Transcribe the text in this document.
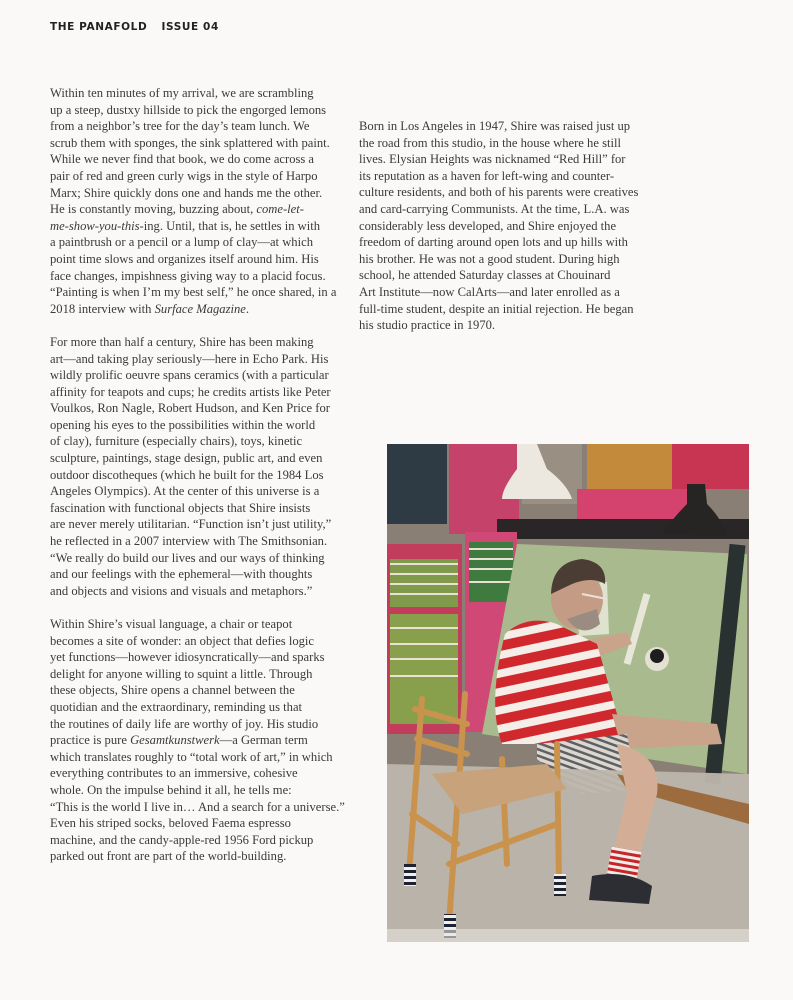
THE PANAFOLD ISSUE 04

Within ten minutes of my arrival, we are scrambling
up a steep, dustxy hillside to pick the engorged lemons
from a neighbor’s tree for the day’s team lunch. We
scrub them with sponges, the sink splattered with paint.
While we never find that book, we do come across a
pair of red and green curly wigs in the style of Harpo
Marx; Shire quickly dons one and hands me the other.
He is constantly moving, buzzing about, come-let-
me-show-you-this-ing. Until, that is, he settles in with
a paintbrush or a pencil or a lump of clay—at which
point time slows and organizes itself around him. His
face changes, impishness giving way to a placid focus.
“Painting is when I’m my best self,” he once shared, in a
2018 interview with Surface Magazine.

For more than half a century, Shire has been making
art—and taking play seriously—here in Echo Park. His
wildly prolific oeuvre spans ceramics (with a particular
affinity for teapots and cups; he credits artists like Peter
Voulkos, Ron Nagle, Robert Hudson, and Ken Price for
opening his eyes to the possibilities within the world
of clay), furniture (especially chairs), toys, kinetic
sculpture, paintings, stage design, public art, and even
outdoor discotheques (which he built for the 1984 Los
Angeles Olympics). At the center of this universe is a
fascination with functional objects that Shire insists
are never merely utilitarian. “Function isn’t just utility,”
he reflected in a 2007 interview with The Smithsonian.
“We really do build our lives and our ways of thinking
and our feelings with the ephemeral—with thoughts
and objects and visions and visuals and metaphors.”

Within Shire’s visual language, a chair or teapot
becomes a site of wonder: an object that defies logic
yet functions—however idiosyncratically—and sparks
delight for anyone willing to squint a little. Through
these objects, Shire opens a channel between the
quotidian and the extraordinary, reminding us that
the routines of daily life are worthy of joy. His studio
practice is pure Gesamtkunstwerk—a German term
which translates roughly to “total work of art,” in which
everything contributes to an immersive, cohesive
whole. On the impulse behind it all, he tells me:
“This is the world I live in… And a search for a universe.”
Even his striped socks, beloved Faema espresso
machine, and the candy-apple-red 1956 Ford pickup
parked out front are part of the world-building.

Born in Los Angeles in 1947, Shire was raised just up
the road from this studio, in the house where he still
lives. Elysian Heights was nicknamed “Red Hill” for
its reputation as a haven for left-wing and counter-
culture residents, and both of his parents were creatives
and card-carrying Communists. At the time, L.A. was
considerably less developed, and Shire enjoyed the
freedom of darting around open lots and up hills with
his brother. He was not a good student. During high
school, he attended Saturday classes at Chouinard
Art Institute—now CalArts—and later enrolled as a
full-time student, despite an initial rejection. He began
his studio practice in 1970.
